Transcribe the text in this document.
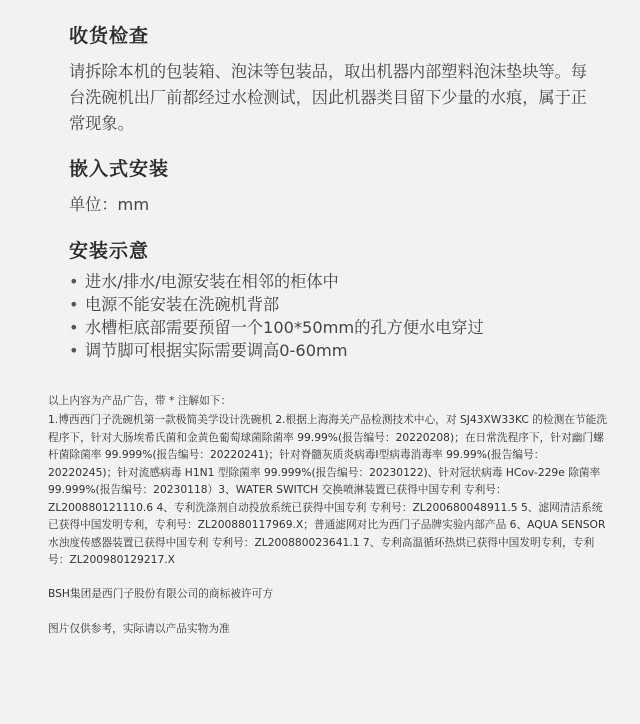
收货检查
请拆除本机的包装箱、泡沫等包装品，取出机器内部塑料泡沫垫块等。每台洗碗机出厂前都经过水检测试，因此机器类目留下少量的水痕，属于正常现象。
嵌入式安装
单位：mm
安装示意
• 进水/排水/电源安装在相邻的柜体中
• 电源不能安装在洗碗机背部
• 水槽柜底部需要预留一个100*50mm的孔方便水电穿过
• 调节脚可根据实际需要调高0-60mm
以上内容为产品广告，带 * 注解如下：
1.博西西门子洗碗机第一款极简美学设计洗碗机 2.根据上海海关产品检测技术中心，对 SJ43XW33KC 的检测在节能洗程序下，针对大肠埃希氏菌和金黄色葡萄球菌除菌率 99.99%(报告编号：20220208)；在日常洗程序下，针对幽门螺杆菌除菌率 99.999%(报告编号：20220241)；针对脊髓灰质炎病毒I型病毒消毒率 99.99%(报告编号：20220245)；针对流感病毒 H1N1 型除菌率 99.999%(报告编号：20230122)、针对冠状病毒 HCov-229e 除菌率 99.999%(报告编号：20230118）3、WATER SWITCH 交换喷淋装置已获得中国专利 专利号：ZL200880121110.6 4、专利洗涤剂自动投放系统已获得中国专利 专利号：ZL200680048911.5 5、滤网清洁系统已获得中国发明专利，专利号：ZL200880117969.X；普通滤网对比为西门子品牌实验内部产品 6、AQUA SENSOR 水浊度传感器装置已获得中国专利 专利号：ZL200880023641.1 7、专利高温循环热烘已获得中国发明专利，专利号：ZL200980129217.X
BSH集团是西门子股份有限公司的商标被许可方
图片仅供参考，实际请以产品实物为准
